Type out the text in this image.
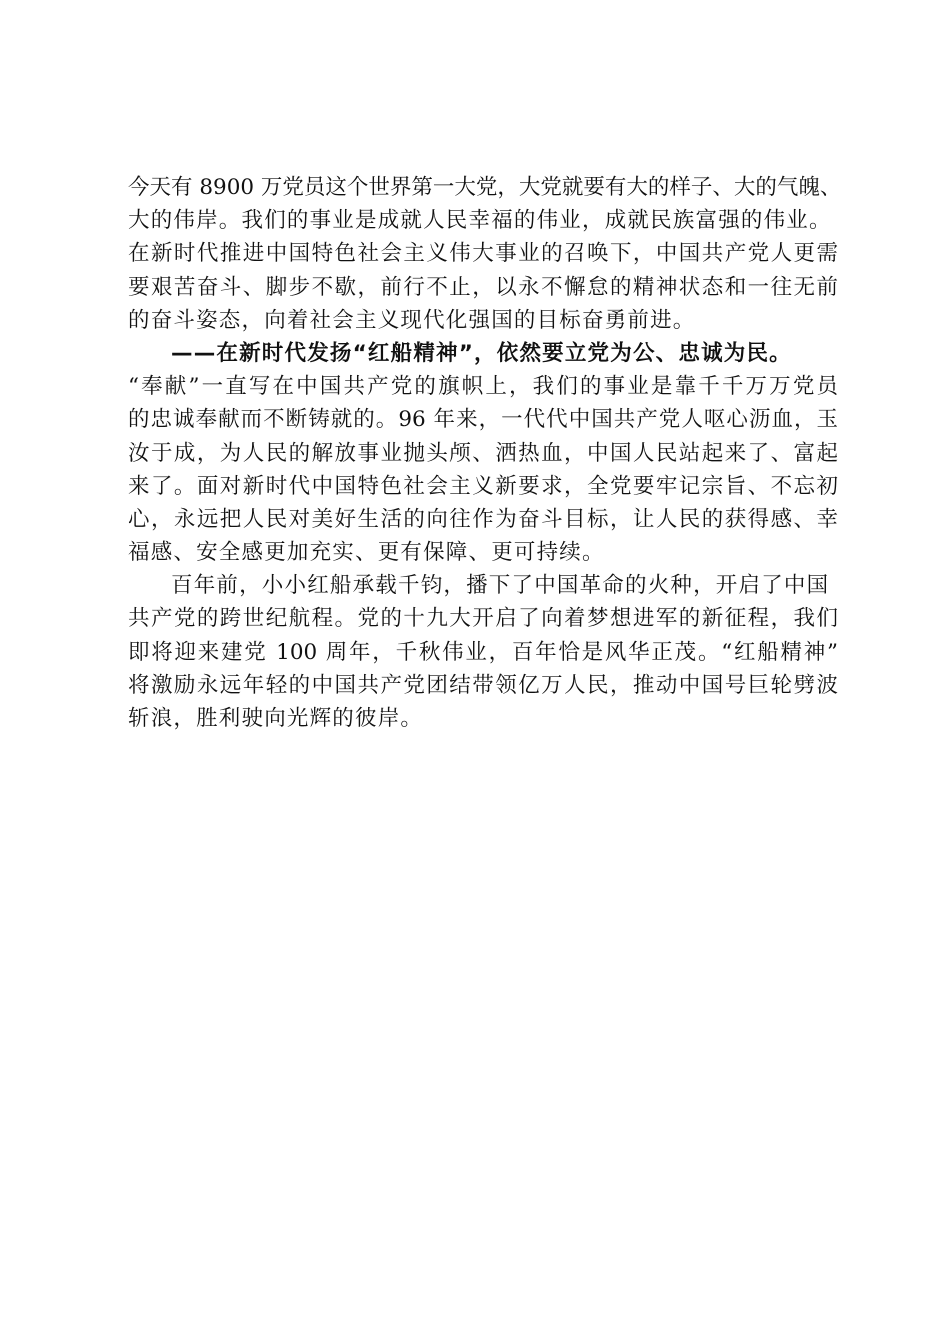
今天有 8900 万党员这个世界第一大党，大党就要有大的样子、大的气魄、
大的伟岸。我们的事业是成就人民幸福的伟业，成就民族富强的伟业。
在新时代推进中国特色社会主义伟大事业的召唤下，中国共产党人更需
要艰苦奋斗、脚步不歇，前行不止，以永不懈怠的精神状态和一往无前
的奋斗姿态，向着社会主义现代化强国的目标奋勇前进。
——在新时代发扬“红船精神”，依然要立党为公、忠诚为民。
“奉献”一直写在中国共产党的旗帜上，我们的事业是靠千千万万党员
的忠诚奉献而不断铸就的。96 年来，一代代中国共产党人呕心沥血，玉
汝于成，为人民的解放事业抛头颅、洒热血，中国人民站起来了、富起
来了。面对新时代中国特色社会主义新要求，全党要牢记宗旨、不忘初
心，永远把人民对美好生活的向往作为奋斗目标，让人民的获得感、幸
福感、安全感更加充实、更有保障、更可持续。
百年前，小小红船承载千钧，播下了中国革命的火种，开启了中国
共产党的跨世纪航程。党的十九大开启了向着梦想进军的新征程，我们
即将迎来建党 100 周年，千秋伟业，百年恰是风华正茂。“红船精神”
将激励永远年轻的中国共产党团结带领亿万人民，推动中国号巨轮劈波
斩浪，胜利驶向光辉的彼岸。
